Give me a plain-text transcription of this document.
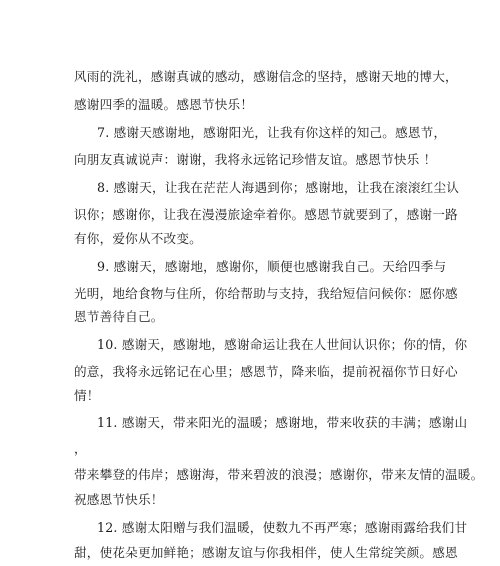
风雨的洗礼，感谢真诚的感动，感谢信念的坚持，感谢天地的博大，
感谢四季的温暖。感恩节快乐！
7. 感谢天感谢地，感谢阳光，让我有你这样的知己。感恩节，
向朋友真诚说声：谢谢，我将永远铭记珍惜友谊。感恩节快乐 ！
8. 感谢天，让我在茫茫人海遇到你；感谢地，让我在滚滚红尘认
识你；感谢你，让我在漫漫旅途牵着你。感恩节就要到了，感谢一路
有你，爱你从不改变。
9. 感谢天，感谢地，感谢你，顺便也感谢我自己。天给四季与
光明，地给食物与住所，你给帮助与支持，我给短信问候你：愿你感
恩节善待自己。
10. 感谢天，感谢地，感谢命运让我在人世间认识你；你的情，你
的意，我将永远铭记在心里；感恩节，降来临，提前祝福你节日好心
情！
11. 感谢天，带来阳光的温暖；感谢地，带来收获的丰满；感谢山
，
带来攀登的伟岸；感谢海，带来碧波的浪漫；感谢你，带来友情的温暖。
祝感恩节快乐！
12. 感谢太阳赠与我们温暖，使数九不再严寒；感谢雨露给我们甘
甜，使花朵更加鲜艳；感谢友谊与你我相伴，使人生常绽笑颜。感恩
